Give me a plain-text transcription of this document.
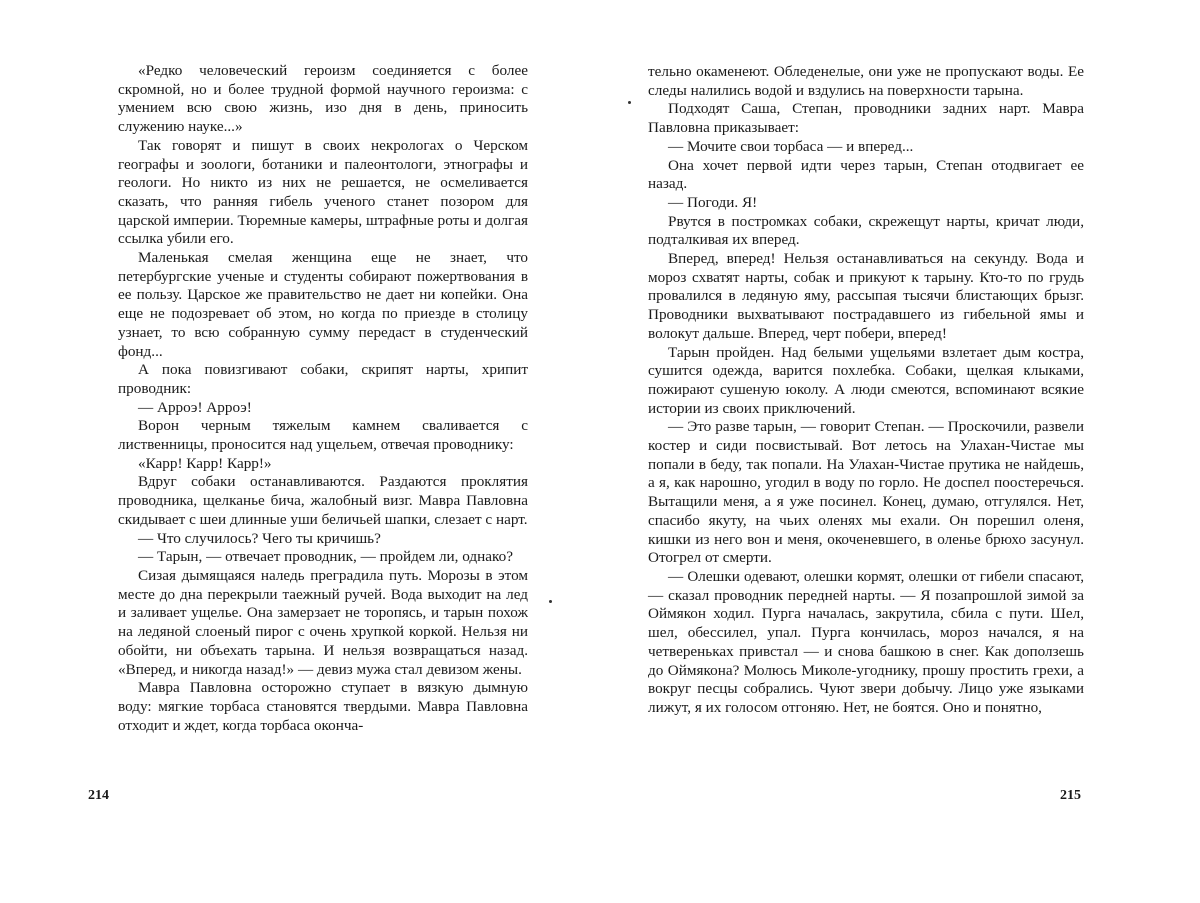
«Редко человеческий героизм соединяется с более скромной, но и более трудной формой научного героизма: с умением всю свою жизнь, изо дня в день, приносить служению науке...»

Так говорят и пишут в своих некрологах о Черском географы и зоологи, ботаники и палеонтологи, этнографы и геологи. Но никто из них не решается, не осмеливается сказать, что ранняя гибель ученого станет позором для царской империи. Тюремные камеры, штрафные роты и долгая ссылка убили его.

Маленькая смелая женщина еще не знает, что петербургские ученые и студенты собирают пожертвования в ее пользу. Царское же правительство не дает ни копейки. Она еще не подозревает об этом, но когда по приезде в столицу узнает, то всю собранную сумму передаст в студенческий фонд...

А пока повизгивают собаки, скрипят нарты, хрипит проводник:

— Арроэ! Арроэ!

Ворон черным тяжелым камнем сваливается с лиственницы, проносится над ущельем, отвечая проводнику:

«Карр! Карр! Карр!»

Вдруг собаки останавливаются. Раздаются проклятия проводника, щелканье бича, жалобный визг. Мавра Павловна скидывает с шеи длинные уши беличьей шапки, слезает с нарт.

— Что случилось? Чего ты кричишь?

— Тарын, — отвечает проводник, — пройдем ли, однако?

Сизая дымящаяся наледь преградила путь. Морозы в этом месте до дна перекрыли таежный ручей. Вода выходит на лед и заливает ущелье. Она замерзает не торопясь, и тарын похож на ледяной слоеный пирог с очень хрупкой коркой. Нельзя ни обойти, ни объехать тарына. И нельзя возвращаться назад. «Вперед, и никогда назад!» — девиз мужа стал девизом жены.

Мавра Павловна осторожно ступает в вязкую дымную воду: мягкие торбаса становятся твердыми. Мавра Павловна отходит и ждет, когда торбаса оконча-

214

тельно окаменеют. Обледенелые, они уже не пропускают воды. Ее следы налились водой и вздулись на поверхности тарына.

Подходят Саша, Степан, проводники задних нарт. Мавра Павловна приказывает:

— Мочите свои торбаса — и вперед...

Она хочет первой идти через тарын, Степан отодвигает ее назад.

— Погоди. Я!

Рвутся в постромках собаки, скрежещут нарты, кричат люди, подталкивая их вперед.

Вперед, вперед! Нельзя останавливаться на секунду. Вода и мороз схватят нарты, собак и прикуют к тарыну. Кто-то по грудь провалился в ледяную яму, рассыпая тысячи блистающих брызг. Проводники выхватывают пострадавшего из гибельной ямы и волокут дальше. Вперед, черт побери, вперед!

Тарын пройден. Над белыми ущельями взлетает дым костра, сушится одежда, варится похлебка. Собаки, щелкая клыками, пожирают сушеную юколу. А люди смеются, вспоминают всякие истории из своих приключений.

— Это разве тарын, — говорит Степан. — Проскочили, развели костер и сиди посвистывай. Вот летось на Улахан-Чистае мы попали в беду, так попали. На Улахан-Чистае прутика не найдешь, а я, как нарошно, угодил в воду по горло. Не доспел поостеречься. Вытащили меня, а я уже посинел. Конец, думаю, отгулялся. Нет, спасибо якуту, на чьих оленях мы ехали. Он порешил оленя, кишки из него вон и меня, окоченевшего, в оленье брюхо засунул. Отогрел от смерти.

— Олешки одевают, олешки кормят, олешки от гибели спасают, — сказал проводник передней нарты. — Я позапрошлой зимой за Оймякон ходил. Пурга началась, закрутила, сбила с пути. Шел, шел, обессилел, упал. Пурга кончилась, мороз начался, я на четвереньках привстал — и снова башкою в снег. Как доползешь до Оймякона? Молюсь Миколе-угоднику, прошу простить грехи, а вокруг песцы собрались. Чуют звери добычу. Лицо уже языками лижут, я их голосом отгоняю. Нет, не боятся. Оно и понятно,

215
